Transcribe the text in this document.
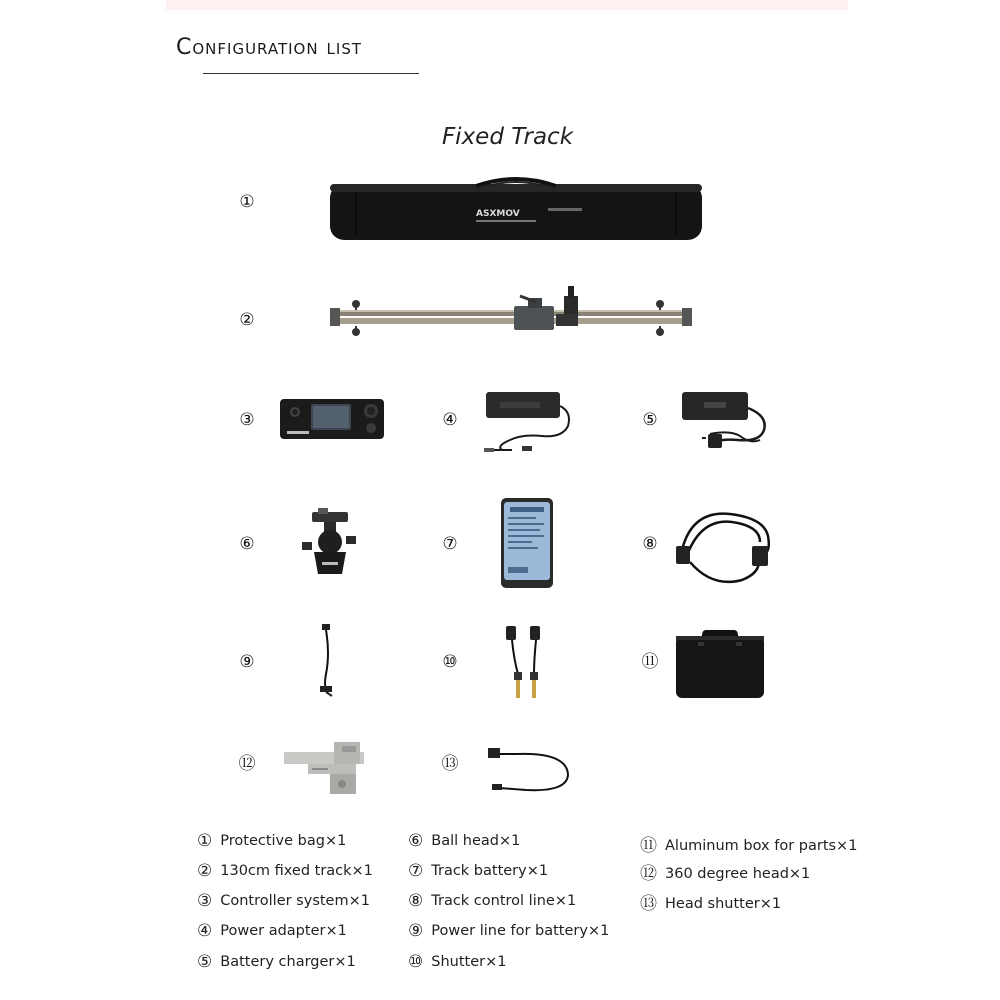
Configuration list
Fixed Track
①
②
③	④	⑤
⑥	⑦	⑧
⑨	⑩	⑪
⑫	⑬
ASXMOV
① Protective bag×1
② 130cm fixed track×1
③ Controller system×1
④ Power adapter×1
⑤ Battery charger×1
⑥ Ball head×1
⑦ Track battery×1
⑧ Track control line×1
⑨ Power line for battery×1
⑩ Shutter×1
⑪ Aluminum box for parts×1
⑫ 360 degree head×1
⑬ Head shutter×1
